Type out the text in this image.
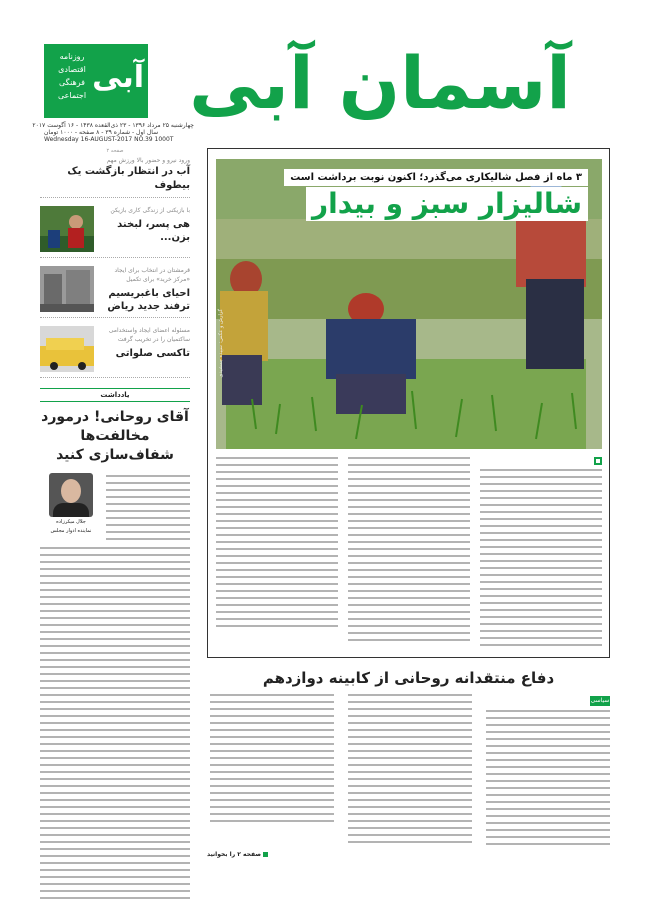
آسمان آبی
آبی
روزنامه
اقتصادی
فرهنگی
اجتماعی
چهارشنبه ۲۵ مرداد ۱۳۹۶ - ۲۳ ذی‌القعده ۱۴۳۸ - ۱۶ آگوست ۲۰۱۷
سال اول - شماره ۳۹ - ۸ صفحه - ۱۰۰۰ تومان
Wednesday 16-AUGUST-2017 NO.39 1000T
صفحه ۲
ورود نیرو و حضور بالا ورزش مهم
آب در انتظار بازگشت یک بیطوف
با بازیکنی از زندگی کاری بازیکن
هی پسر، لبخند بزن...
قرمشتان در انتخاب برای ایجاد «مرکز خرید» برای تکمیل
احیای باغبریسیم ترفند جدید ریاض
مسئوله اعضای ایجاد واستخدامی ساکتمیان را در تخریب گرفت
تاکسی صلواتی
یادداشت
آقای روحانی! درمورد مخالفت‌ها شفاف‌سازی کنید
جلال میکرزاده
نماینده ادوار مجلس
۳ ماه از فصل شالیکاری می‌گذرد؛ اکنون نوبت برداشت است
شالیزار سبز و بیدار
گزارش و عکس: سپیده جمشیدی
دفاع منتقدانه روحانی از کابینه دوازدهم
سیاسی
صفحه ۲ را بخوانید
